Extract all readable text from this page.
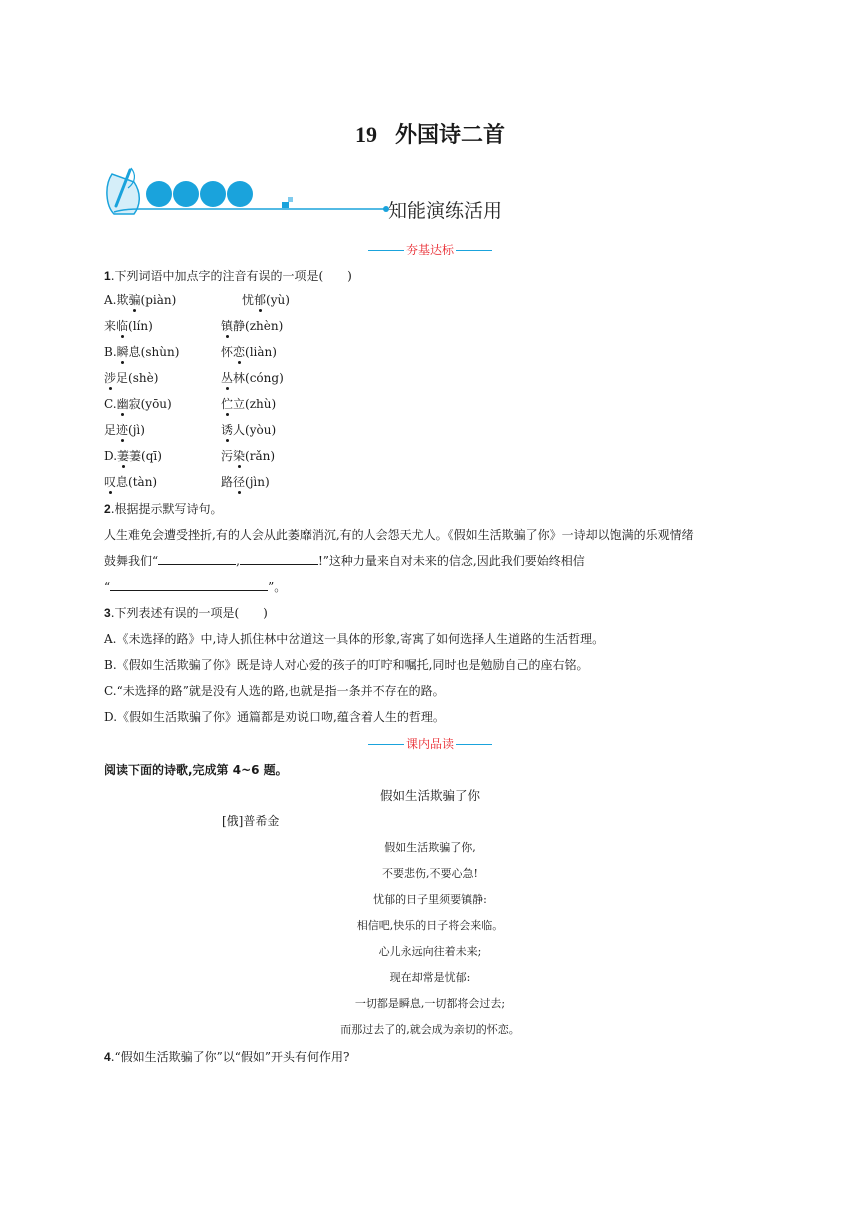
19 外国诗二首
知能演练活用
夯基达标
1.下列词语中加点字的注音有误的一项是(　　)
A.欺骗(piàn)	忧郁(yù)
来临(lín)	镇静(zhèn)
B.瞬息(shùn)	怀恋(liàn)
涉足(shè)	丛林(cóng)
C.幽寂(yōu)	伫立(zhù)
足迹(jì)	诱人(yòu)
D.萋萋(qī)	污染(rǎn)
叹息(tàn)	路径(jìn)
2.根据提示默写诗句。
人生难免会遭受挫折,有的人会从此萎靡消沉,有的人会怨天尤人。《假如生活欺骗了你》一诗却以饱满的乐观情绪
鼓舞我们“	,	!”这种力量来自对未来的信念,因此我们要始终相信
“	”。
3.下列表述有误的一项是(　　)
A.《未选择的路》中,诗人抓住林中岔道这一具体的形象,寄寓了如何选择人生道路的生活哲理。
B.《假如生活欺骗了你》既是诗人对心爱的孩子的叮咛和嘱托,同时也是勉励自己的座右铭。
C.“未选择的路”就是没有人选的路,也就是指一条并不存在的路。
D.《假如生活欺骗了你》通篇都是劝说口吻,蕴含着人生的哲理。
课内品读
阅读下面的诗歌,完成第 4~6 题。
假如生活欺骗了你
[俄]普希金
假如生活欺骗了你,
不要悲伤,不要心急!
忧郁的日子里须要镇静:
相信吧,快乐的日子将会来临。
心儿永远向往着未来;
现在却常是忧郁:
一切都是瞬息,一切都将会过去;
而那过去了的,就会成为亲切的怀恋。
4.“假如生活欺骗了你”以“假如”开头有何作用?
